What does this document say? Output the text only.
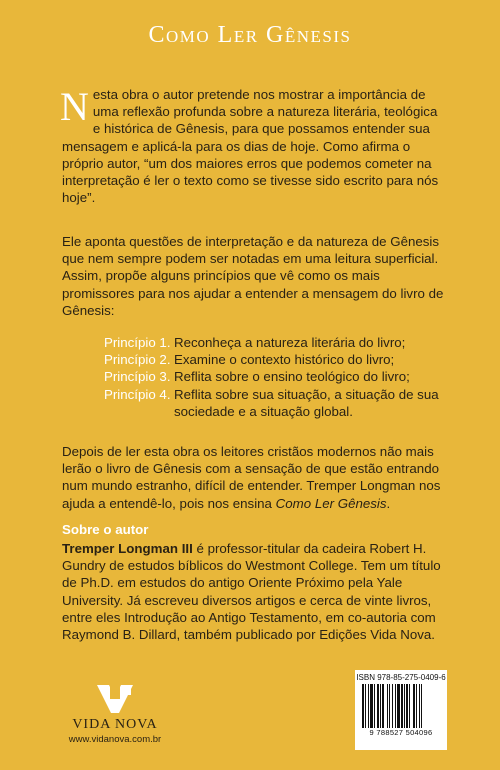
Como Ler Gênesis
N esta obra o autor pretende nos mostrar a importância de uma reflexão profunda sobre a natureza literária, teológica e histórica de Gênesis, para que possamos entender sua mensagem e aplicá-la para os dias de hoje. Como afirma o próprio autor, “um dos maiores erros que podemos cometer na interpretação é ler o texto como se tivesse sido escrito para nós hoje”.
Ele aponta questões de interpretação e da natureza de Gênesis que nem sempre podem ser notadas em uma leitura superficial. Assim, propõe alguns princípios que vê como os mais promissores para nos ajudar a entender a mensagem do livro de Gênesis:
Princípio 1. Reconheça a natureza literária do livro;
Princípio 2. Examine o contexto histórico do livro;
Princípio 3. Reflita sobre o ensino teológico do livro;
Princípio 4. Reflita sobre sua situação, a situação de sua sociedade e a situação global.
Depois de ler esta obra os leitores cristãos modernos não mais lerão o livro de Gênesis com a sensação de que estão entrando num mundo estranho, difícil de entender. Tremper Longman nos ajuda a entendê-lo, pois nos ensina Como Ler Gênesis.
Sobre o autor
Tremper Longman III é professor-titular da cadeira Robert H. Gundry de estudos bíblicos do Westmont College. Tem um título de Ph.D. em estudos do antigo Oriente Próximo pela Yale University. Já escreveu diversos artigos e cerca de vinte livros, entre eles Introdução ao Antigo Testamento, em co-autoria com Raymond B. Dillard, também publicado por Edições Vida Nova.
VIDA NOVA
www.vidanova.com.br
ISBN 978-85-275-0409-6
9 788527 504096
